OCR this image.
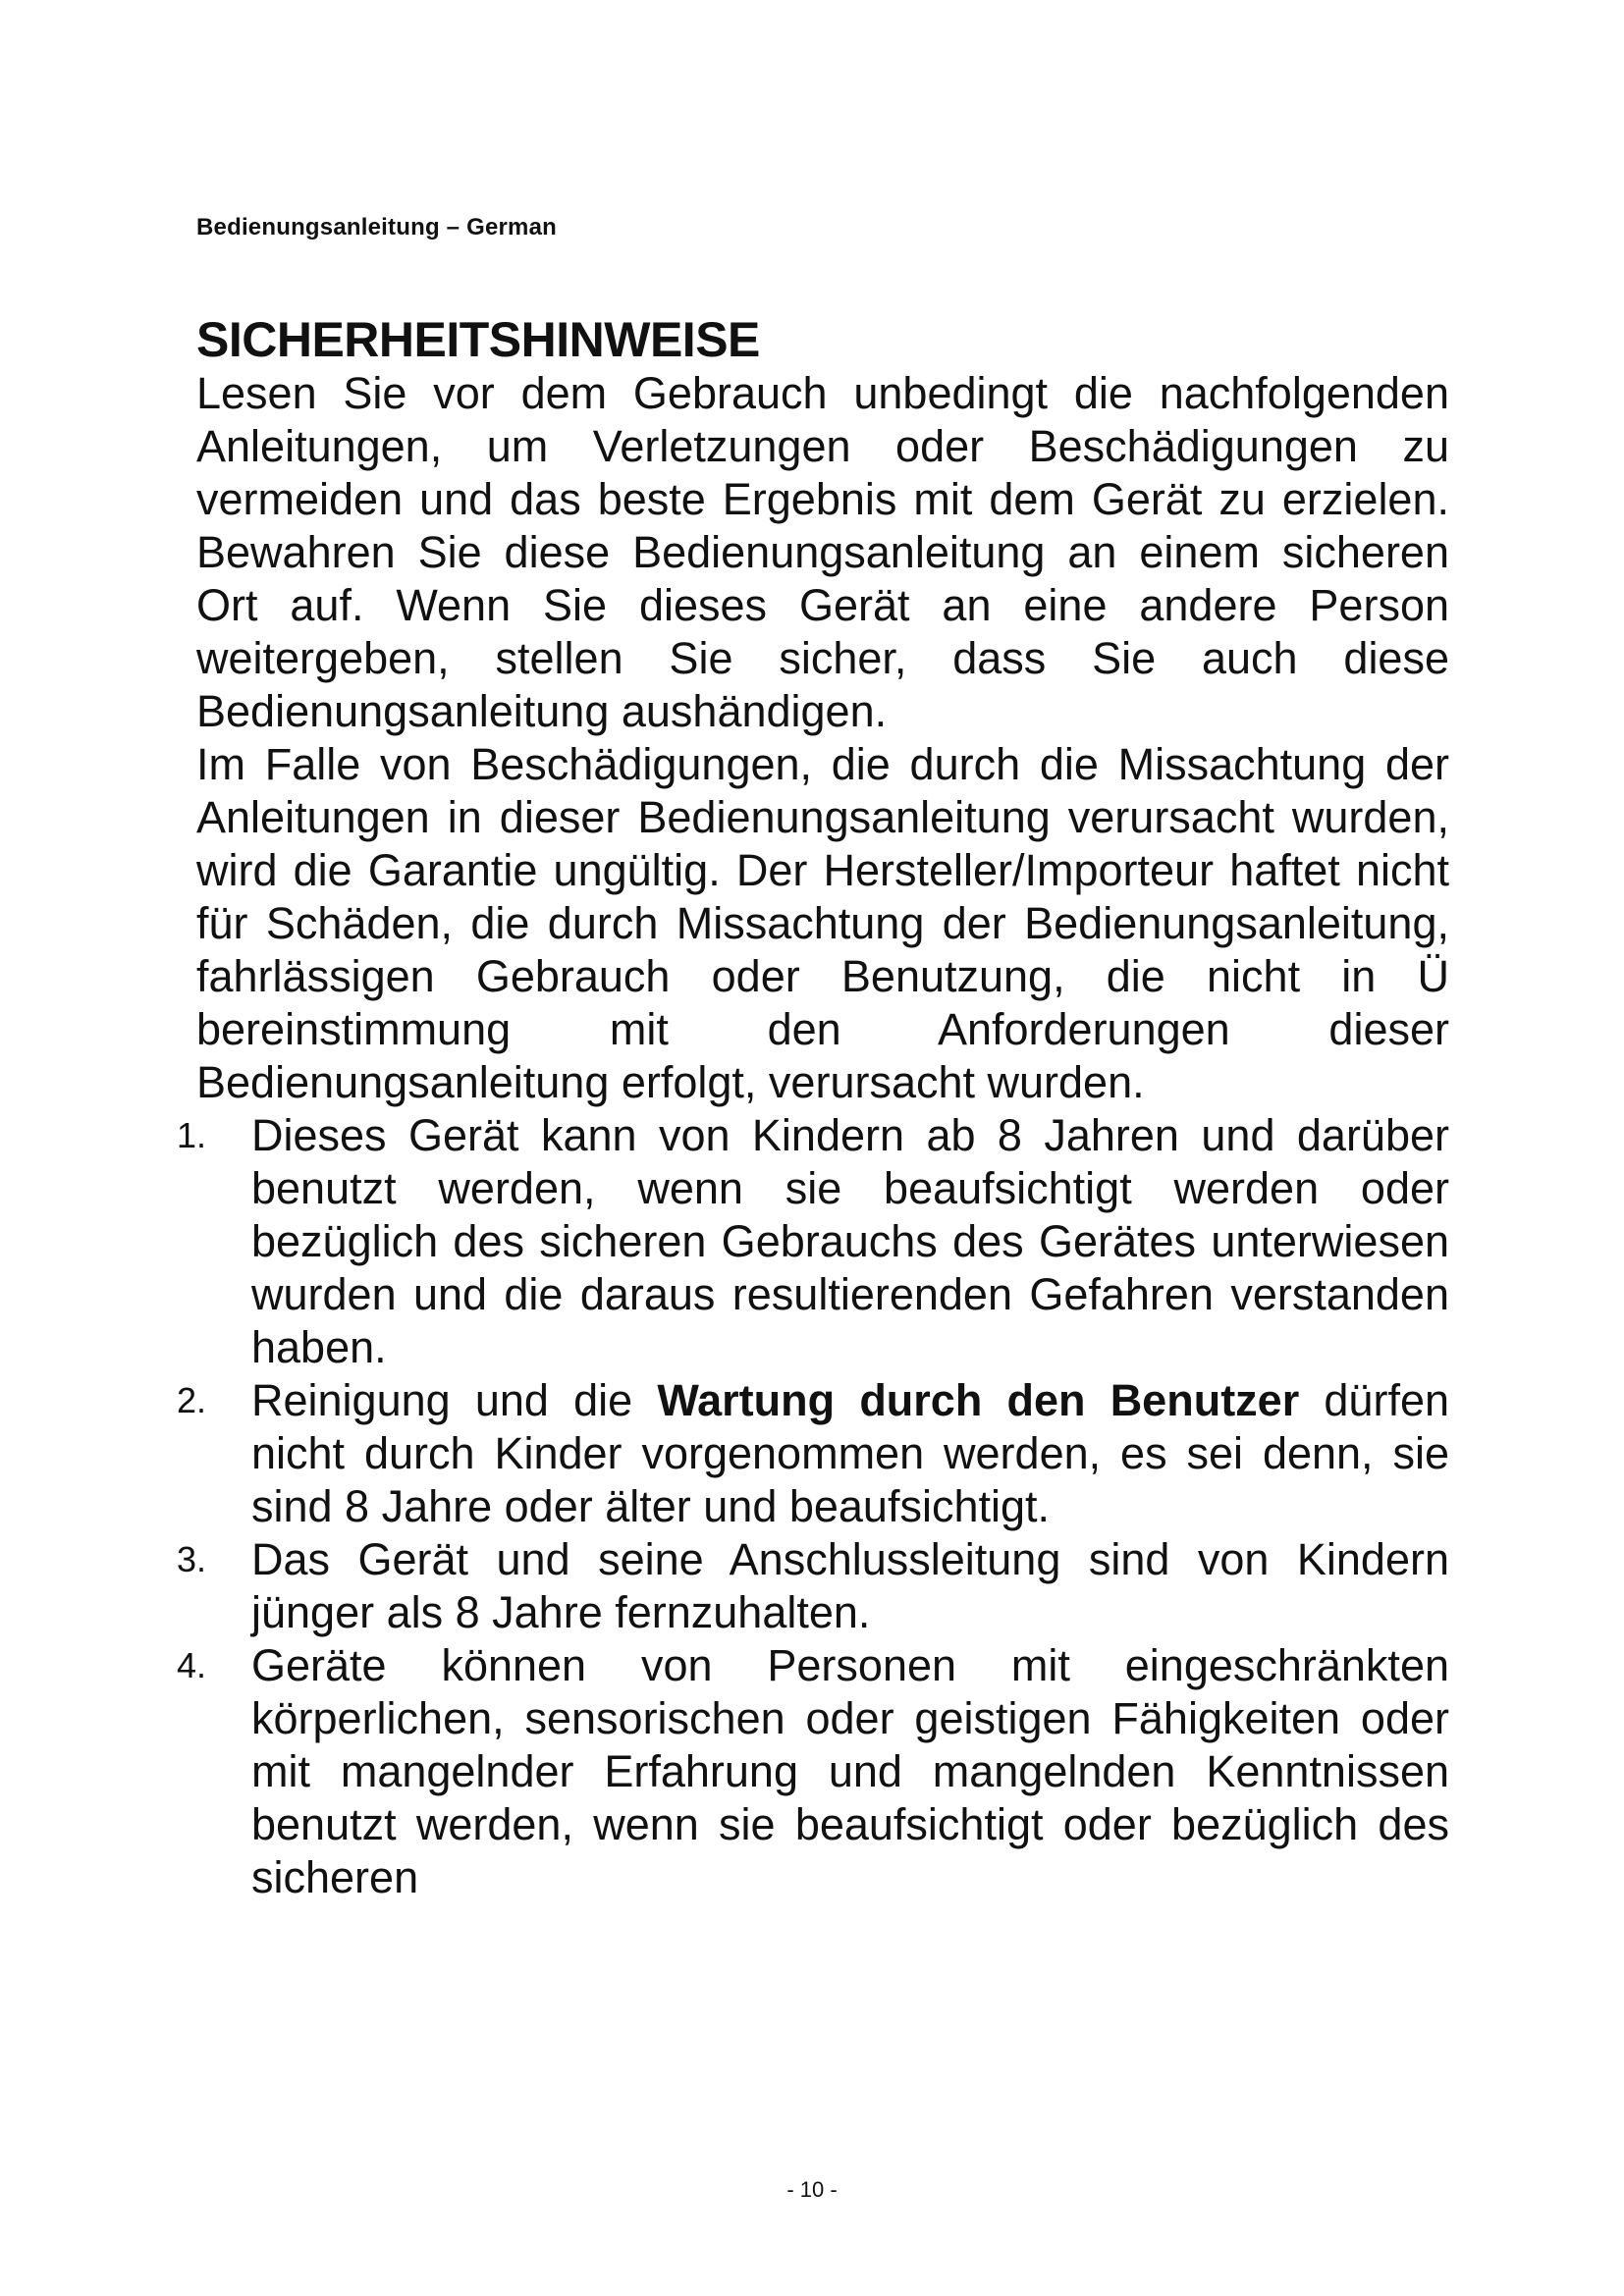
Bedienungsanleitung – German
SICHERHEITSHINWEISE

Lesen Sie vor dem Gebrauch unbedingt die nachfolgenden Anleitungen, um Verletzungen oder Beschädigungen zu vermeiden und das beste Ergebnis mit dem Gerät zu erzielen. Bewahren Sie diese Bedienungsanleitung an einem sicheren Ort auf. Wenn Sie dieses Gerät an eine andere Person weitergeben, stellen Sie sicher, dass Sie auch diese Bedienungsanleitung aushändigen.

Im Falle von Beschädigungen, die durch die Missachtung der Anleitungen in dieser Bedienungsanleitung verursacht wurden, wird die Garantie ungültig. Der Hersteller/Importeur haftet nicht für Schäden, die durch Missachtung der Bedienungsanleitung, fahrlässigen Gebrauch oder Benutzung, die nicht in Ü bereinstimmung mit den Anforderungen dieser Bedienungsanleitung erfolgt, verursacht wurden.

1.	Dieses Gerät kann von Kindern ab 8 Jahren und darüber benutzt werden, wenn sie beaufsichtigt werden oder bezüglich des sicheren Gebrauchs des Gerätes unterwiesen wurden und die daraus resultierenden Gefahren verstanden haben.
2.	Reinigung und die Wartung durch den Benutzer dürfen nicht durch Kinder vorgenommen werden, es sei denn, sie sind 8 Jahre oder älter und beaufsichtigt.
3.	Das Gerät und seine Anschlussleitung sind von Kindern jünger als 8 Jahre fernzuhalten.
4.	Geräte können von Personen mit eingeschränkten körperlichen, sensorischen oder geistigen Fähigkeiten oder mit mangelnder Erfahrung und mangelnden Kenntnissen benutzt werden, wenn sie beaufsichtigt oder bezüglich des sicheren
- 10 -
